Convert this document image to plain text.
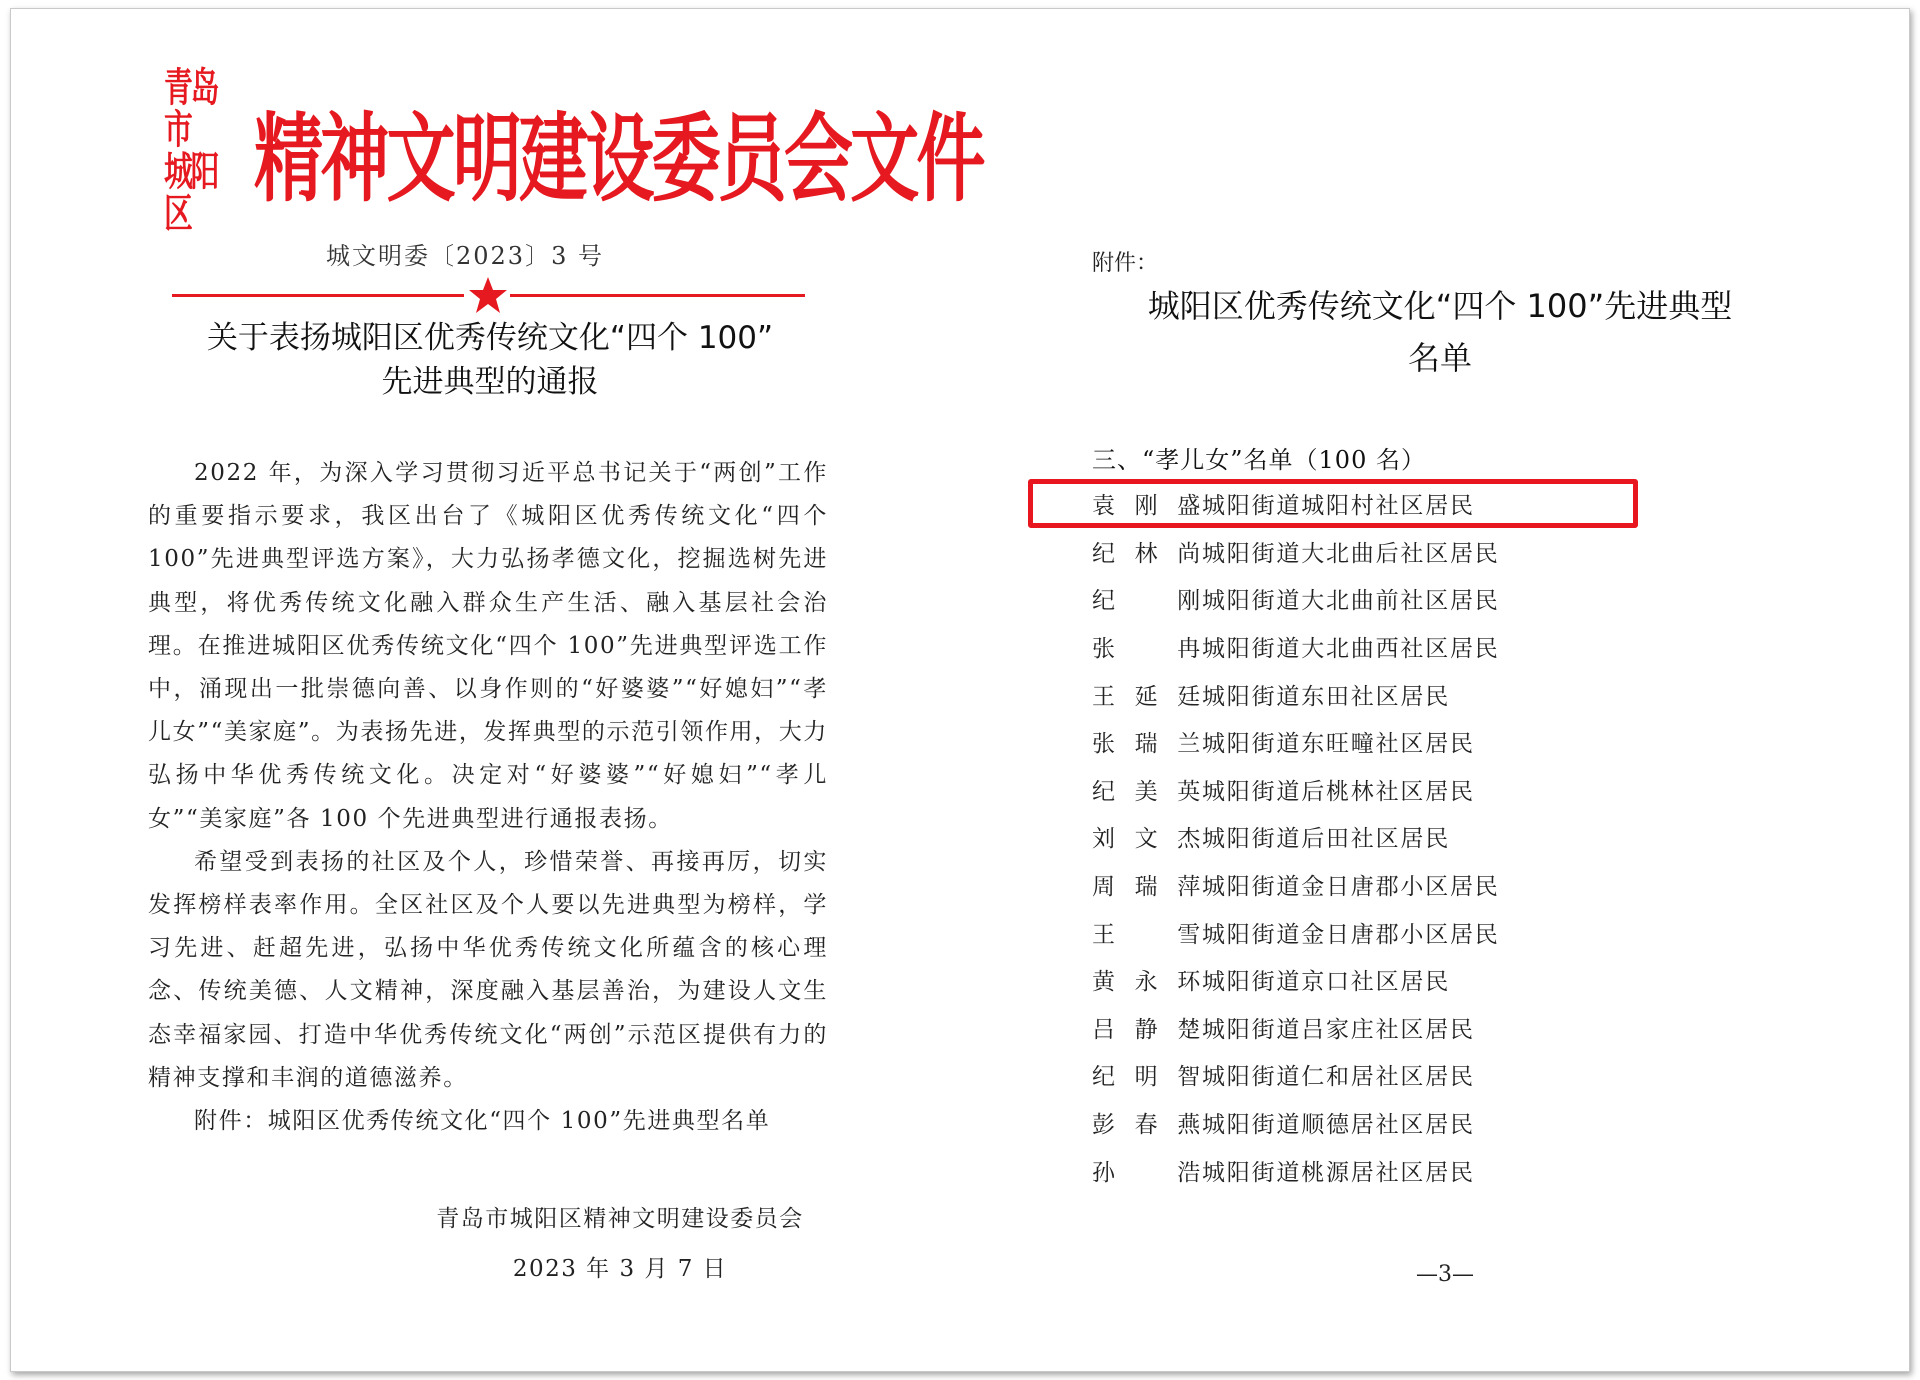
青岛市
城阳区 精神文明建设委员会文件
城文明委〔2023〕3 号
关于表扬城阳区优秀传统文化“四个 100”
先进典型的通报

2022 年，为深入学习贯彻习近平总书记关于“两创”工作的重要指示要求，我区出台了《城阳区优秀传统文化“四个 100”先进典型评选方案》，大力弘扬孝德文化，挖掘选树先进典型，将优秀传统文化融入群众生产生活、融入基层社会治理。在推进城阳区优秀传统文化“四个 100”先进典型评选工作中，涌现出一批崇德向善、以身作则的“好婆婆”“好媳妇”“孝儿女”“美家庭”。为表扬先进，发挥典型的示范引领作用，大力弘扬中华优秀传统文化。决定对“好婆婆”“好媳妇”“孝儿女”“美家庭”各 100 个先进典型进行通报表扬。

希望受到表扬的社区及个人，珍惜荣誉、再接再厉，切实发挥榜样表率作用。全区社区及个人要以先进典型为榜样，学习先进、赶超先进，弘扬中华优秀传统文化所蕴含的核心理念、传统美德、人文精神，深度融入基层善治，为建设人文生态幸福家园、打造中华优秀传统文化“两创”示范区提供有力的精神支撑和丰润的道德滋养。

附件：城阳区优秀传统文化“四个 100”先进典型名单

青岛市城阳区精神文明建设委员会
2023 年 3 月 7 日
附件：
城阳区优秀传统文化“四个 100”先进典型
名单
三、“孝儿女”名单（100 名）
袁刚盛 城阳街道城阳村社区居民
纪林尚 城阳街道大北曲后社区居民
纪 刚 城阳街道大北曲前社区居民
张 冉 城阳街道大北曲西社区居民
王延廷 城阳街道东田社区居民
张瑞兰 城阳街道东旺疃社区居民
纪美英 城阳街道后桃林社区居民
刘文杰 城阳街道后田社区居民
周瑞萍 城阳街道金日唐郡小区居民
王 雪 城阳街道金日唐郡小区居民
黄永环 城阳街道京口社区居民
吕静楚 城阳街道吕家庄社区居民
纪明智 城阳街道仁和居社区居民
彭春燕 城阳街道顺德居社区居民
孙 浩 城阳街道桃源居社区居民
—3—
